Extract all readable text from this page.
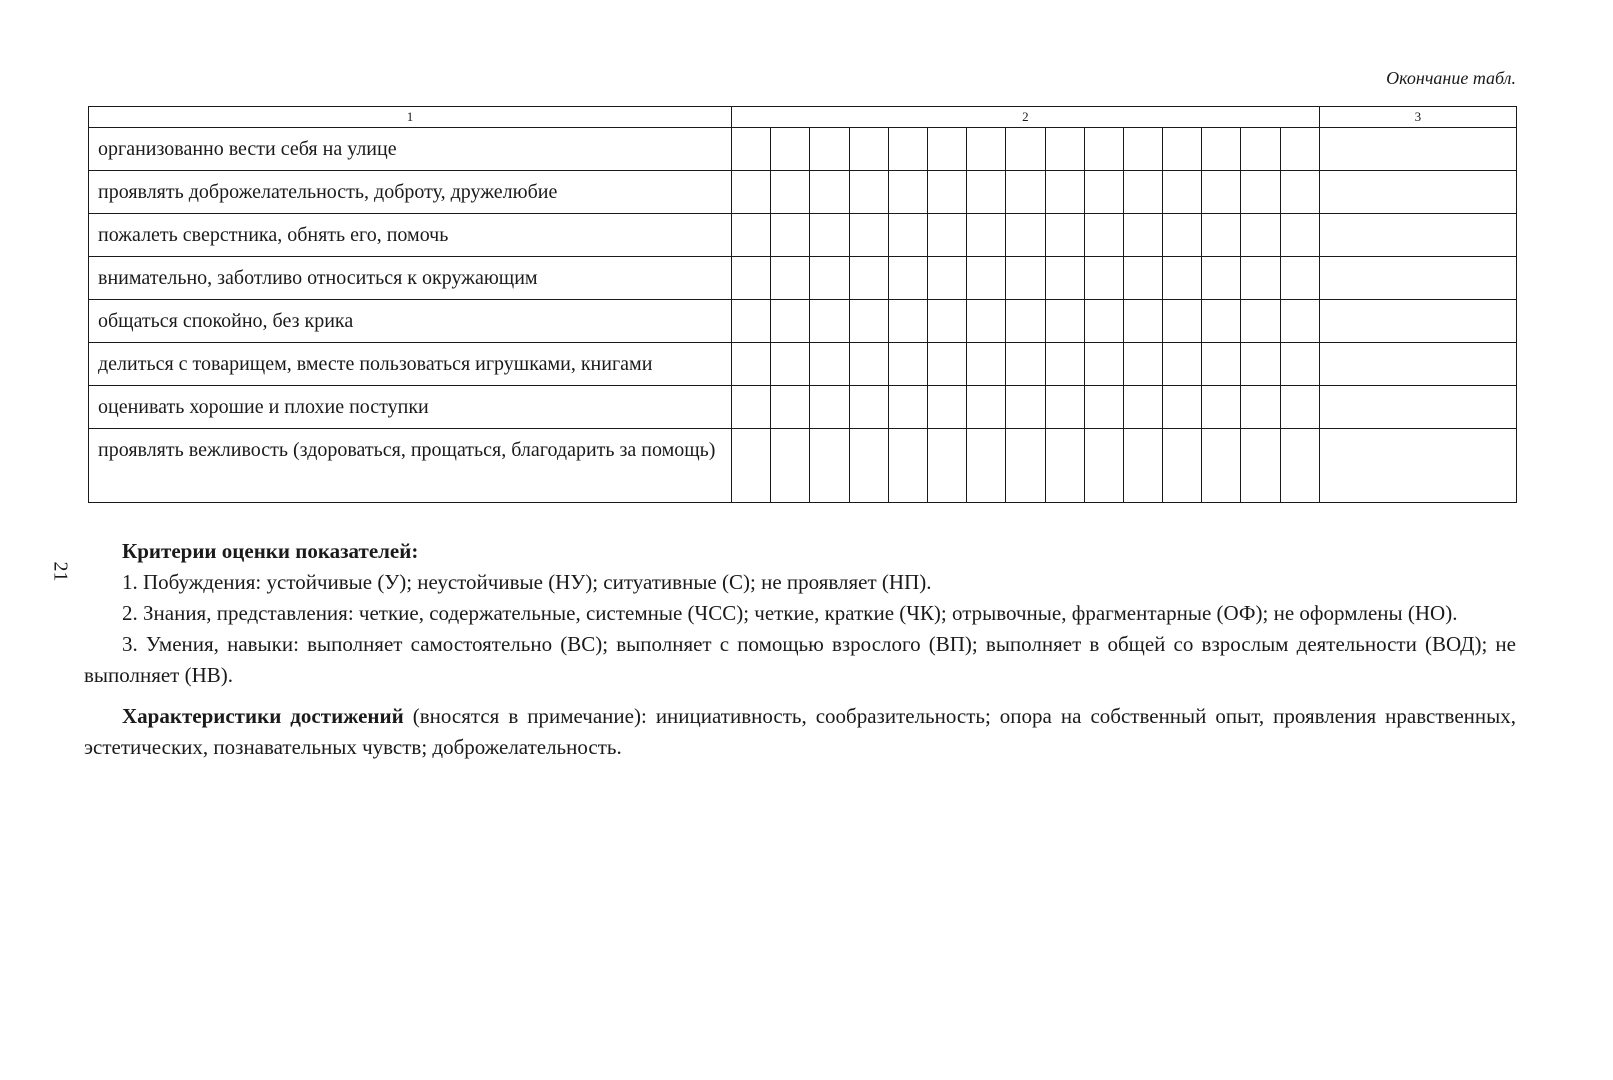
Окончание табл.
1	2															3
организованно вести себя на улице																
проявлять доброжелательность, доброту, дружелюбие																
пожалеть сверстника, обнять его, помочь																
внимательно, заботливо относиться к окружающим																
общаться спокойно, без крика																
делиться с товарищем, вместе пользоваться игрушками, книгами																
оценивать хорошие и плохие поступки																
проявлять вежливость (здороваться, прощаться, благодарить за помощь)																
21

Критерии оценки показателей:

1. Побуждения: устойчивые (У); неустойчивые (НУ); ситуативные (С); не проявляет (НП).

2. Знания, представления: четкие, содержательные, системные (ЧСС); четкие, краткие (ЧК); отрывочные, фрагментарные (ОФ); не оформлены (НО).

3. Умения, навыки: выполняет самостоятельно (ВС); выполняет с помощью взрослого (ВП); выполняет в общей со взрослым деятельности (ВОД); не выполняет (НВ).

Характеристики достижений (вносятся в примечание): инициативность, сообразительность; опора на собственный опыт, проявления нравственных, эстетических, познавательных чувств; доброжелательность.
